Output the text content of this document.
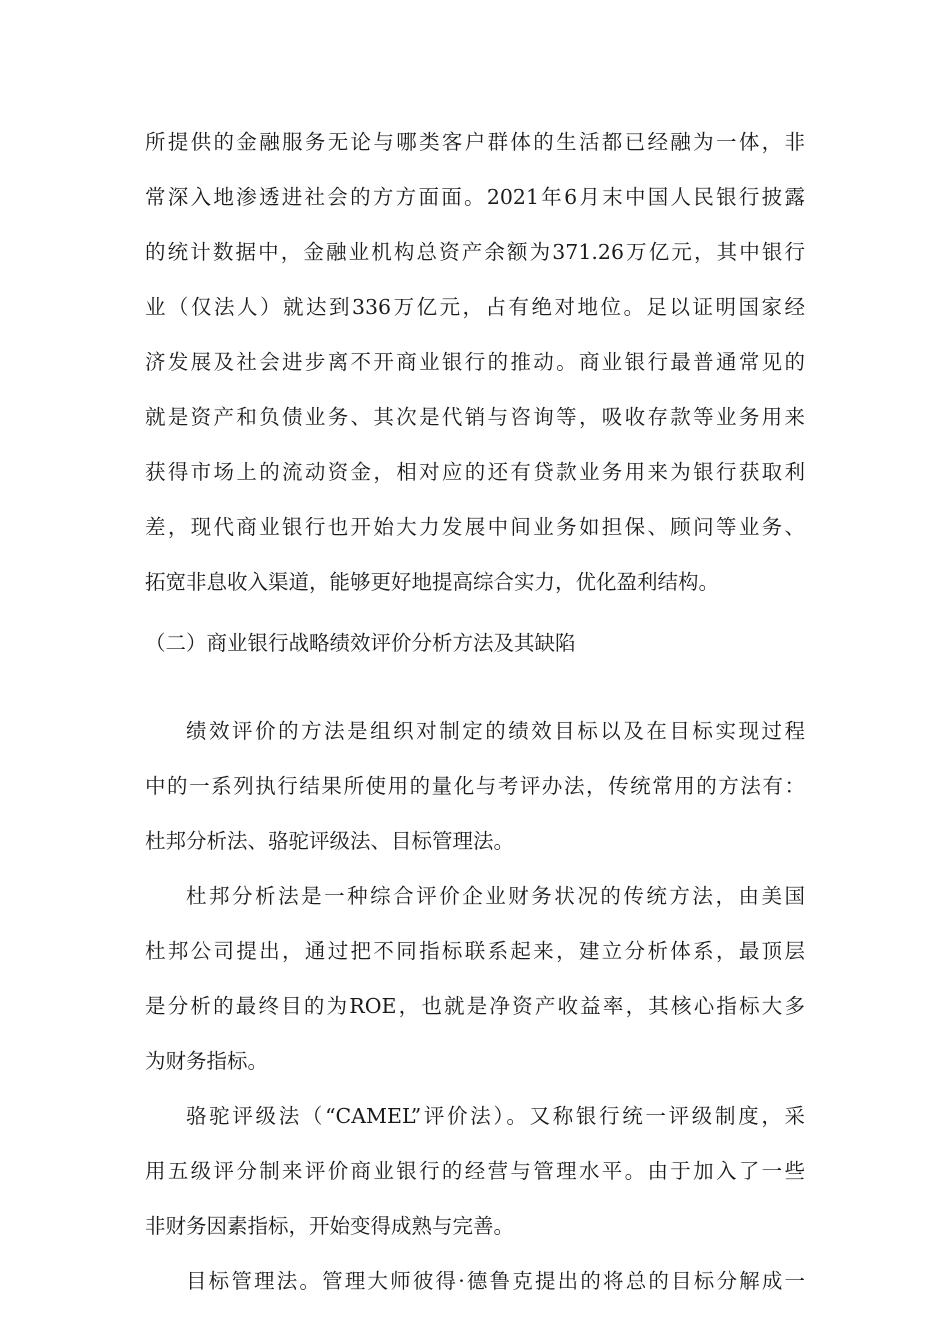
所提供的金融服务无论与哪类客户群体的生活都已经融为一体，非
常深入地渗透进社会的方方面面。2021年6月末中国人民银行披露
的统计数据中，金融业机构总资产余额为371.26万亿元，其中银行
业（仅法人）就达到336万亿元，占有绝对地位。足以证明国家经
济发展及社会进步离不开商业银行的推动。商业银行最普通常见的
就是资产和负债业务、其次是代销与咨询等，吸收存款等业务用来
获得市场上的流动资金，相对应的还有贷款业务用来为银行获取利
差，现代商业银行也开始大力发展中间业务如担保、顾问等业务、
拓宽非息收入渠道，能够更好地提高综合实力，优化盈利结构。
（二）商业银行战略绩效评价分析方法及其缺陷
绩效评价的方法是组织对制定的绩效目标以及在目标实现过程
中的一系列执行结果所使用的量化与考评办法，传统常用的方法有：
杜邦分析法、骆驼评级法、目标管理法。
杜邦分析法是一种综合评价企业财务状况的传统方法，由美国
杜邦公司提出，通过把不同指标联系起来，建立分析体系，最顶层
是分析的最终目的为ROE，也就是净资产收益率，其核心指标大多
为财务指标。
骆驼评级法（“CAMEL”评价法）。又称银行统一评级制度，采
用五级评分制来评价商业银行的经营与管理水平。由于加入了一些
非财务因素指标，开始变得成熟与完善。
目标管理法。管理大师彼得·德鲁克提出的将总的目标分解成一
